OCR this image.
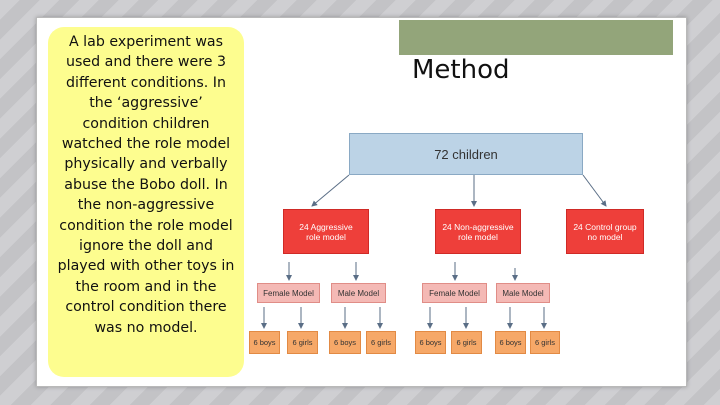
A lab experiment was used and there were 3 different conditions. In the ‘aggressive’ condition children watched the role model physically and verbally abuse the Bobo doll. In the non-aggressive condition the role model ignore the doll and played with other toys in the room and in the control condition there was no model.
Method
72 children
24 Aggressive
role model
24 Non-aggressive
role model
24 Control group
no model
Female Model	Male Model	Female Model	Male Model
6 boys	6 girls	6 boys	6 girls	6 boys	6 girls	6 boys	6 girls
